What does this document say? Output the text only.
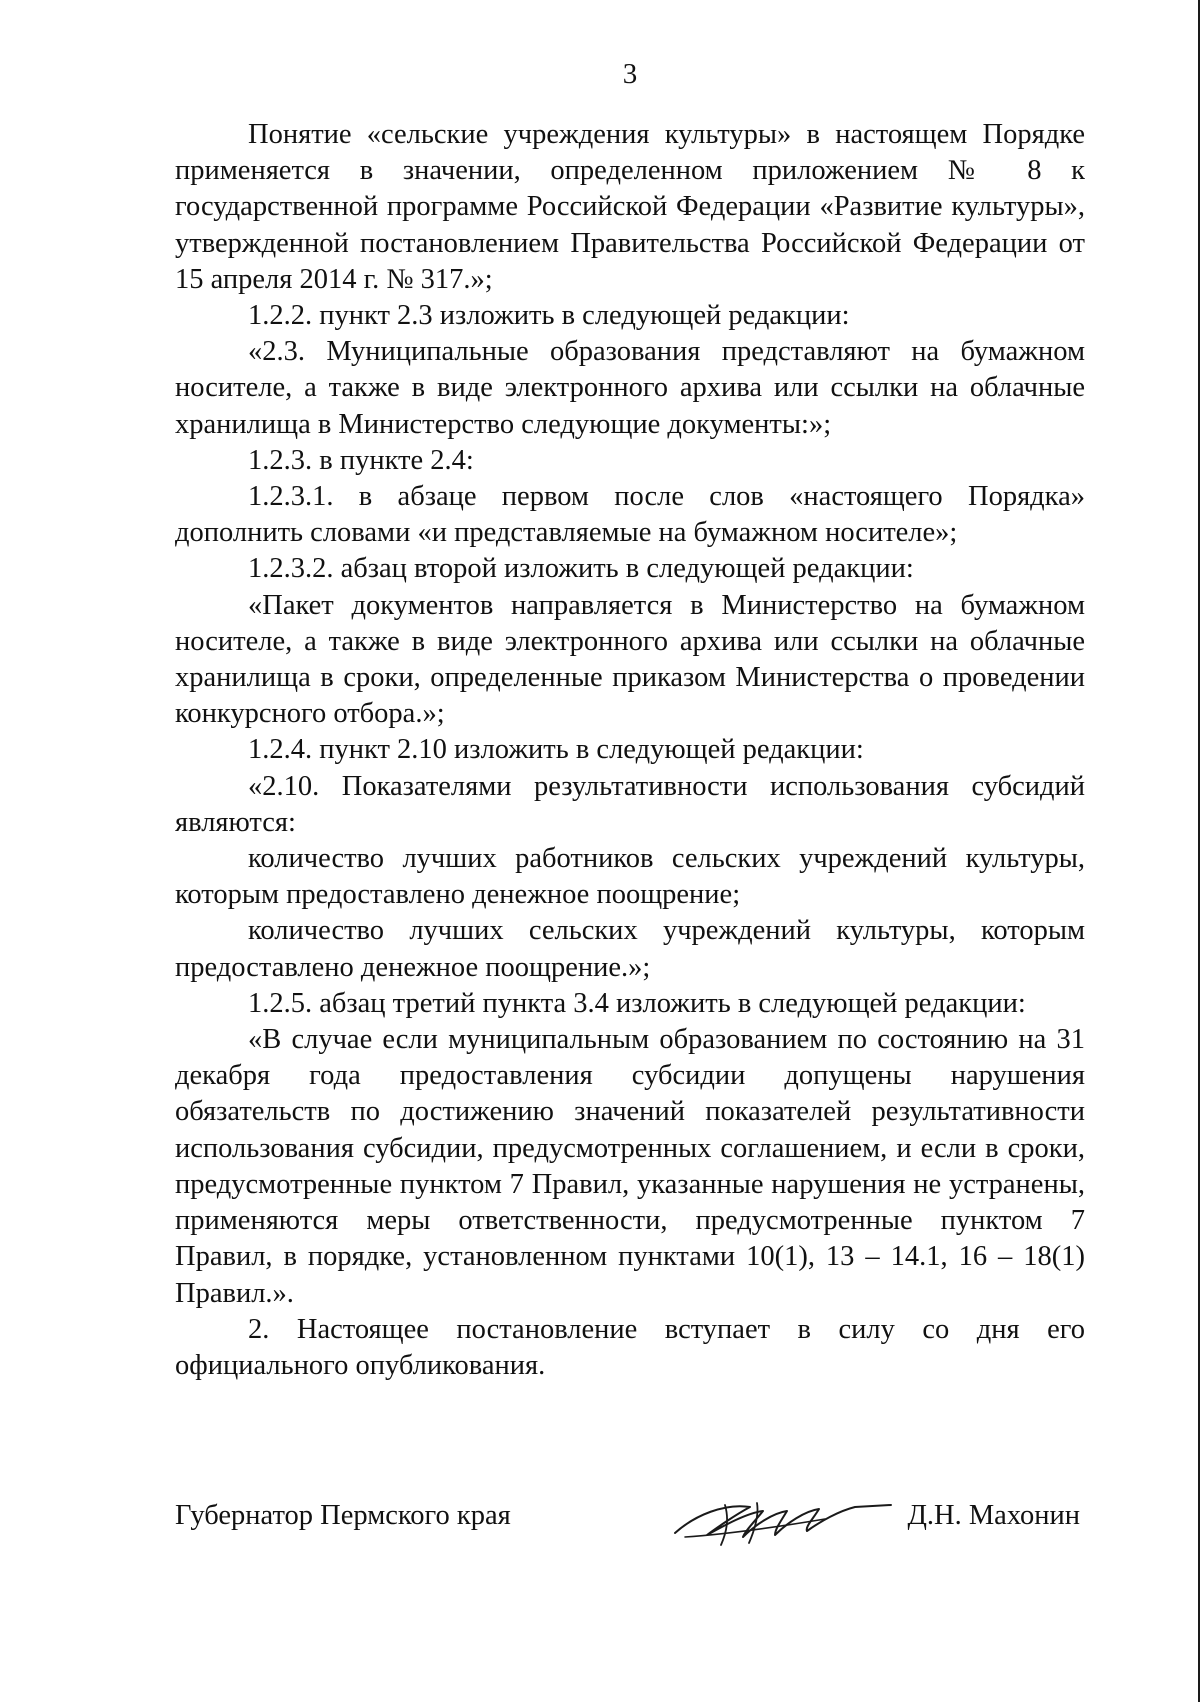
3

Понятие «сельские учреждения культуры» в настоящем Порядке применяется в значении, определенном приложением № 8 к государственной программе Российской Федерации «Развитие культуры», утвержденной постановлением Правительства Российской Федерации от 15 апреля 2014 г. № 317.»;

1.2.2. пункт 2.3 изложить в следующей редакции:

«2.3. Муниципальные образования представляют на бумажном носителе, а также в виде электронного архива или ссылки на облачные хранилища в Министерство следующие документы:»;

1.2.3. в пункте 2.4:

1.2.3.1. в абзаце первом после слов «настоящего Порядка» дополнить словами «и представляемые на бумажном носителе»;

1.2.3.2. абзац второй изложить в следующей редакции:

«Пакет документов направляется в Министерство на бумажном носителе, а также в виде электронного архива или ссылки на облачные хранилища в сроки, определенные приказом Министерства о проведении конкурсного отбора.»;

1.2.4. пункт 2.10 изложить в следующей редакции:

«2.10. Показателями результативности использования субсидий являются:

количество лучших работников сельских учреждений культуры, которым предоставлено денежное поощрение;

количество лучших сельских учреждений культуры, которым предоставлено денежное поощрение.»;

1.2.5. абзац третий пункта 3.4 изложить в следующей редакции:

«В случае если муниципальным образованием по состоянию на 31 декабря года предоставления субсидии допущены нарушения обязательств по достижению значений показателей результативности использования субсидии, предусмотренных соглашением, и если в сроки, предусмотренные пунктом 7 Правил, указанные нарушения не устранены, применяются меры ответственности, предусмотренные пунктом 7 Правил, в порядке, установленном пунктами 10(1), 13 – 14.1, 16 – 18(1) Правил.».

2. Настоящее постановление вступает в силу со дня его официального опубликования.

Губернатор Пермского края	Д.Н. Махонин
